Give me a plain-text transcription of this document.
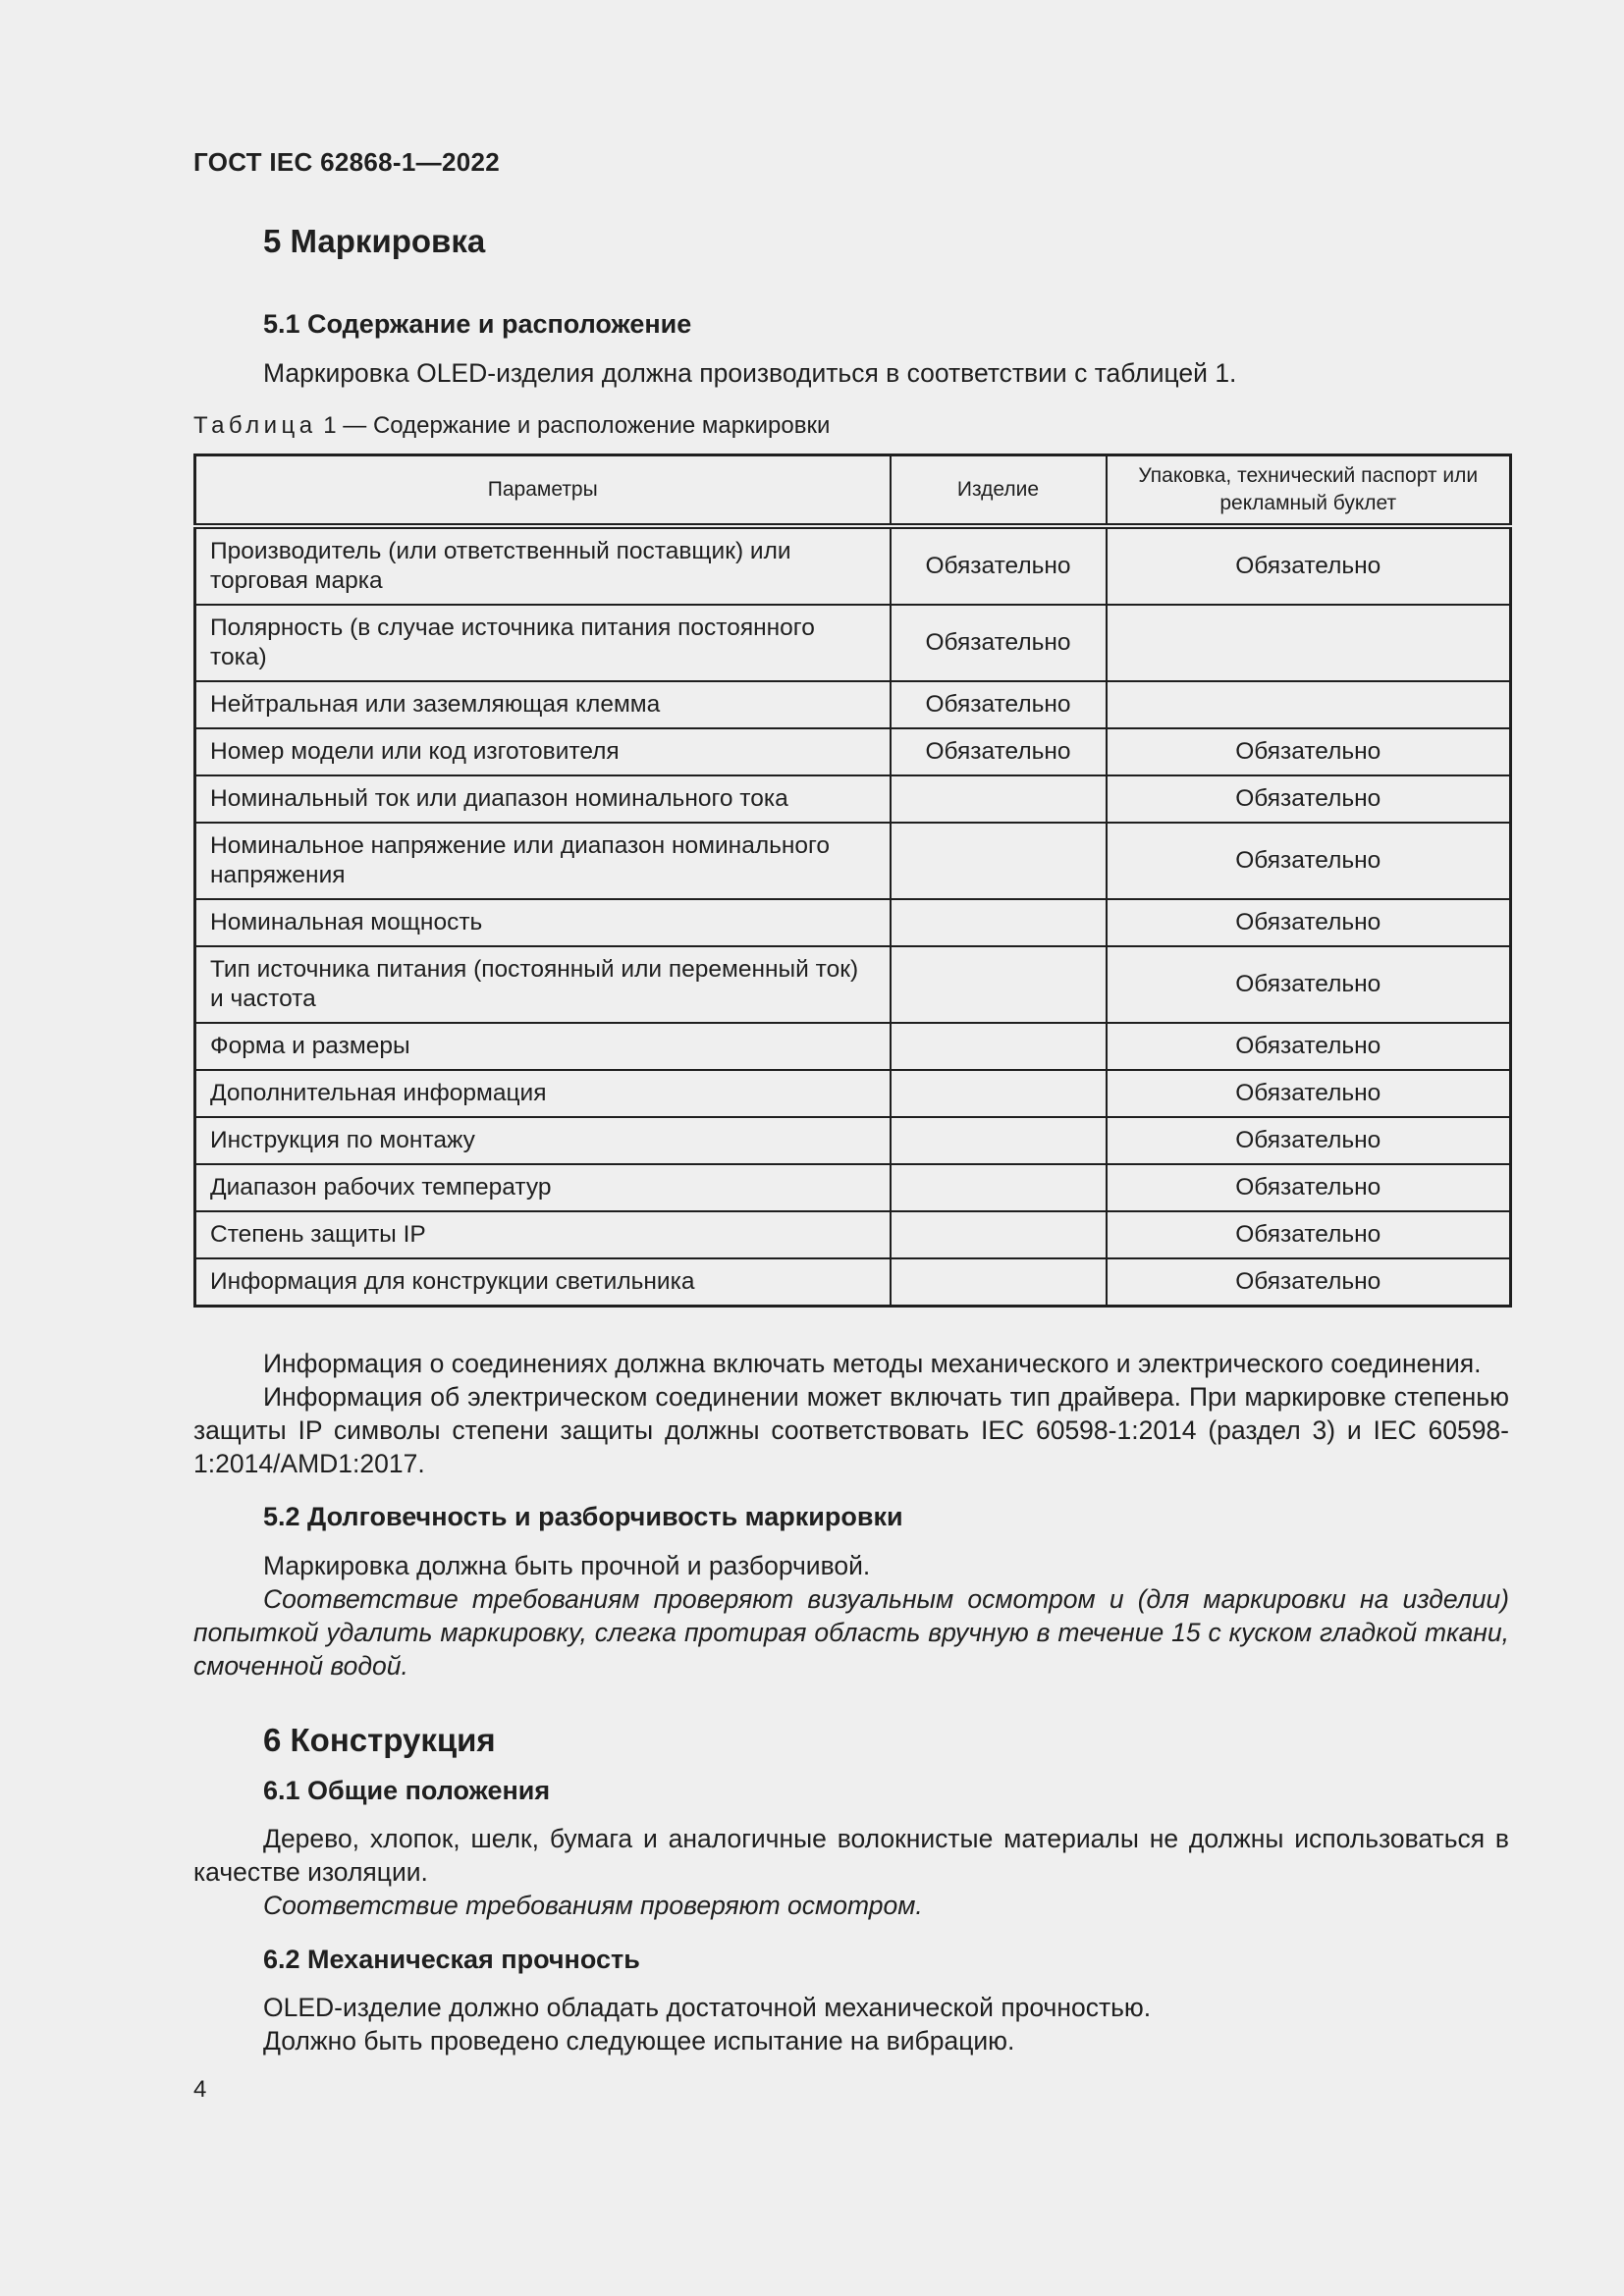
ГОСТ IEC 62868-1—2022

5 Маркировка

5.1 Содержание и расположение

Маркировка OLED-изделия должна производиться в соответствии с таблицей 1.

Таблица 1 — Содержание и расположение маркировки

Параметры	Изделие	Упаковка, технический паспорт или рекламный буклет
Производитель (или ответственный поставщик) или торговая марка	Обязательно	Обязательно
Полярность (в случае источника питания постоянного тока)	Обязательно	
Нейтральная или заземляющая клемма	Обязательно	
Номер модели или код изготовителя	Обязательно	Обязательно
Номинальный ток или диапазон номинального тока		Обязательно
Номинальное напряжение или диапазон номинального напряжения		Обязательно
Номинальная мощность		Обязательно
Тип источника питания (постоянный или переменный ток) и частота		Обязательно
Форма и размеры		Обязательно
Дополнительная информация		Обязательно
Инструкция по монтажу		Обязательно
Диапазон рабочих температур		Обязательно
Степень защиты IP		Обязательно
Информация для конструкции светильника		Обязательно

Информация о соединениях должна включать методы механического и электрического соединения.

Информация об электрическом соединении может включать тип драйвера. При маркировке степенью защиты IP символы степени защиты должны соответствовать IEC 60598-1:2014 (раздел 3) и IEC 60598-1:2014/AMD1:2017.

5.2 Долговечность и разборчивость маркировки

Маркировка должна быть прочной и разборчивой.

Соответствие требованиям проверяют визуальным осмотром и (для маркировки на изделии) попыткой удалить маркировку, слегка протирая область вручную в течение 15 с куском гладкой ткани, смоченной водой.

6 Конструкция

6.1 Общие положения

Дерево, хлопок, шелк, бумага и аналогичные волокнистые материалы не должны использоваться в качестве изоляции.

Соответствие требованиям проверяют осмотром.

6.2 Механическая прочность

OLED-изделие должно обладать достаточной механической прочностью.

Должно быть проведено следующее испытание на вибрацию.

4
